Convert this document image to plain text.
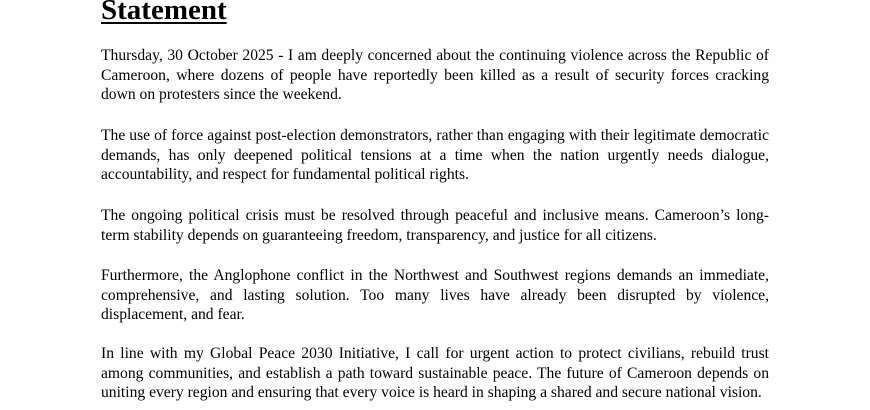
Statement

Thursday, 30 October 2025 - I am deeply concerned about the continuing violence across the Republic of Cameroon, where dozens of people have reportedly been killed as a result of security forces cracking down on protesters since the weekend.

The use of force against post-election demonstrators, rather than engaging with their legitimate democratic demands, has only deepened political tensions at a time when the nation urgently needs dialogue, accountability, and respect for fundamental political rights.

The ongoing political crisis must be resolved through peaceful and inclusive means. Cameroon’s long-term stability depends on guaranteeing freedom, transparency, and justice for all citizens.

Furthermore, the Anglophone conflict in the Northwest and Southwest regions demands an immediate, comprehensive, and lasting solution. Too many lives have already been disrupted by violence, displacement, and fear.

In line with my Global Peace 2030 Initiative, I call for urgent action to protect civilians, rebuild trust among communities, and establish a path toward sustainable peace. The future of Cameroon depends on uniting every region and ensuring that every voice is heard in shaping a shared and secure national vision.
